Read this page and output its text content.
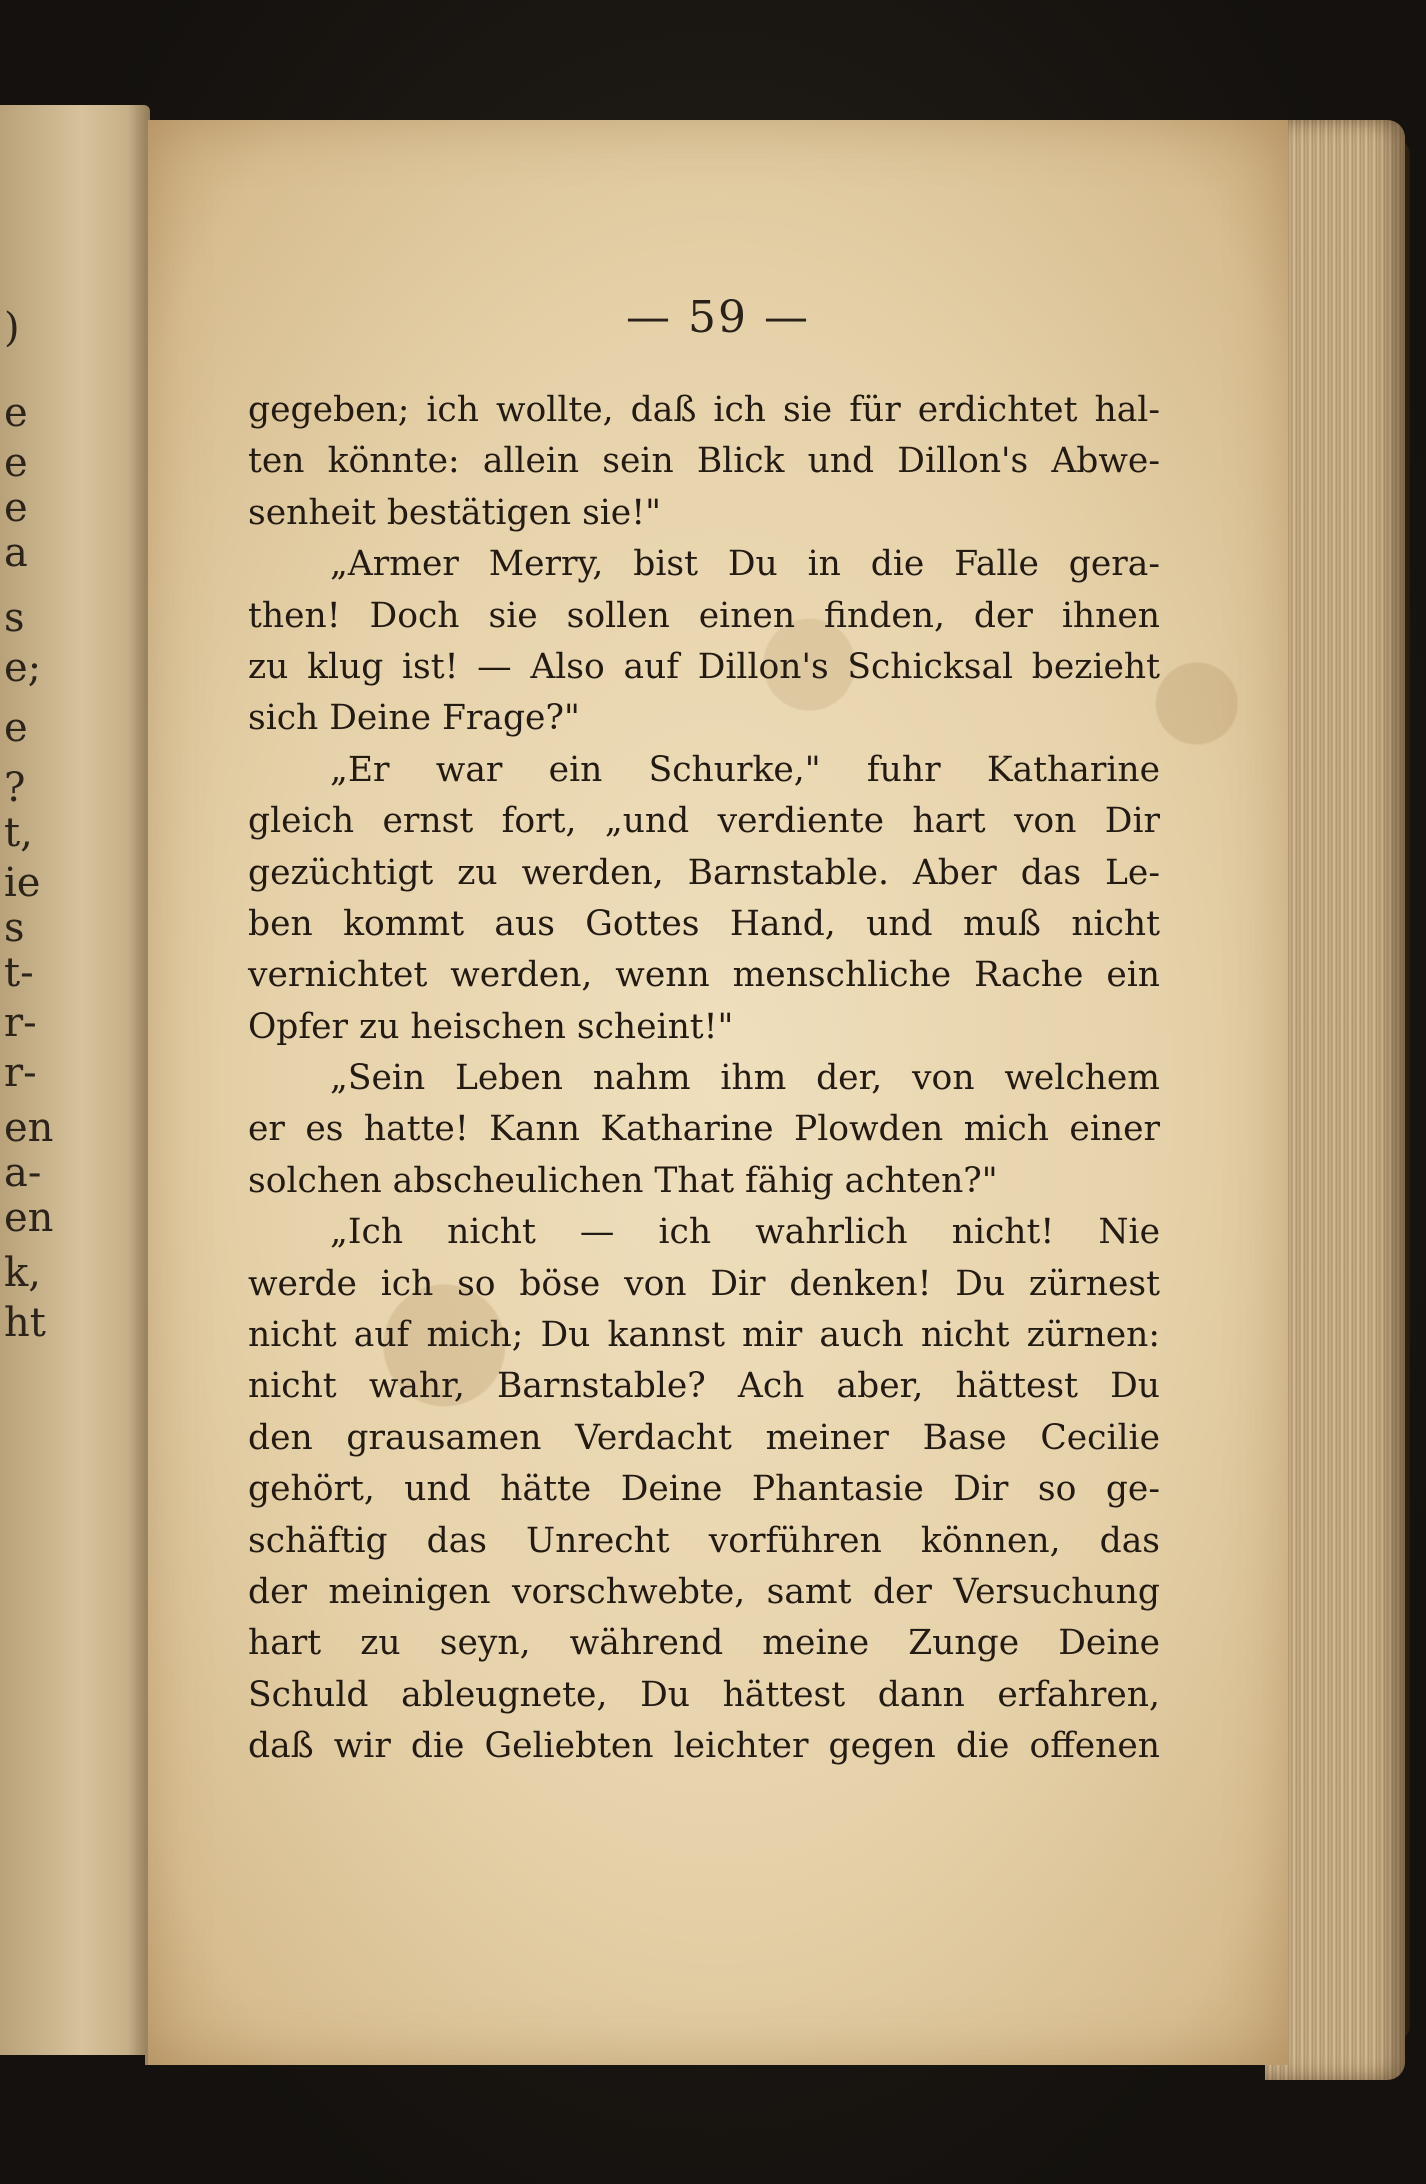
)
e
e
e
a
s
e;
e
?
t,
ie
s
t-
r-
r-
en
a-
en
k,
ht
— 59 —
gegeben; ich wollte, daß ich sie für erdichtet hal-
ten könnte: allein sein Blick und Dillon's Abwe-
senheit bestätigen sie!"
„Armer Merry, bist Du in die Falle gera-
then! Doch sie sollen einen finden, der ihnen
zu klug ist! — Also auf Dillon's Schicksal bezieht
sich Deine Frage?"
„Er war ein Schurke," fuhr Katharine
gleich ernst fort, „und verdiente hart von Dir
gezüchtigt zu werden, Barnstable. Aber das Le-
ben kommt aus Gottes Hand, und muß nicht
vernichtet werden, wenn menschliche Rache ein
Opfer zu heischen scheint!"
„Sein Leben nahm ihm der, von welchem
er es hatte! Kann Katharine Plowden mich einer
solchen abscheulichen That fähig achten?"
„Ich nicht — ich wahrlich nicht! Nie
werde ich so böse von Dir denken! Du zürnest
nicht auf mich; Du kannst mir auch nicht zürnen:
nicht wahr, Barnstable? Ach aber, hättest Du
den grausamen Verdacht meiner Base Cecilie
gehört, und hätte Deine Phantasie Dir so ge-
schäftig das Unrecht vorführen können, das
der meinigen vorschwebte, samt der Versuchung
hart zu seyn, während meine Zunge Deine
Schuld ableugnete, Du hättest dann erfahren,
daß wir die Geliebten leichter gegen die offenen
